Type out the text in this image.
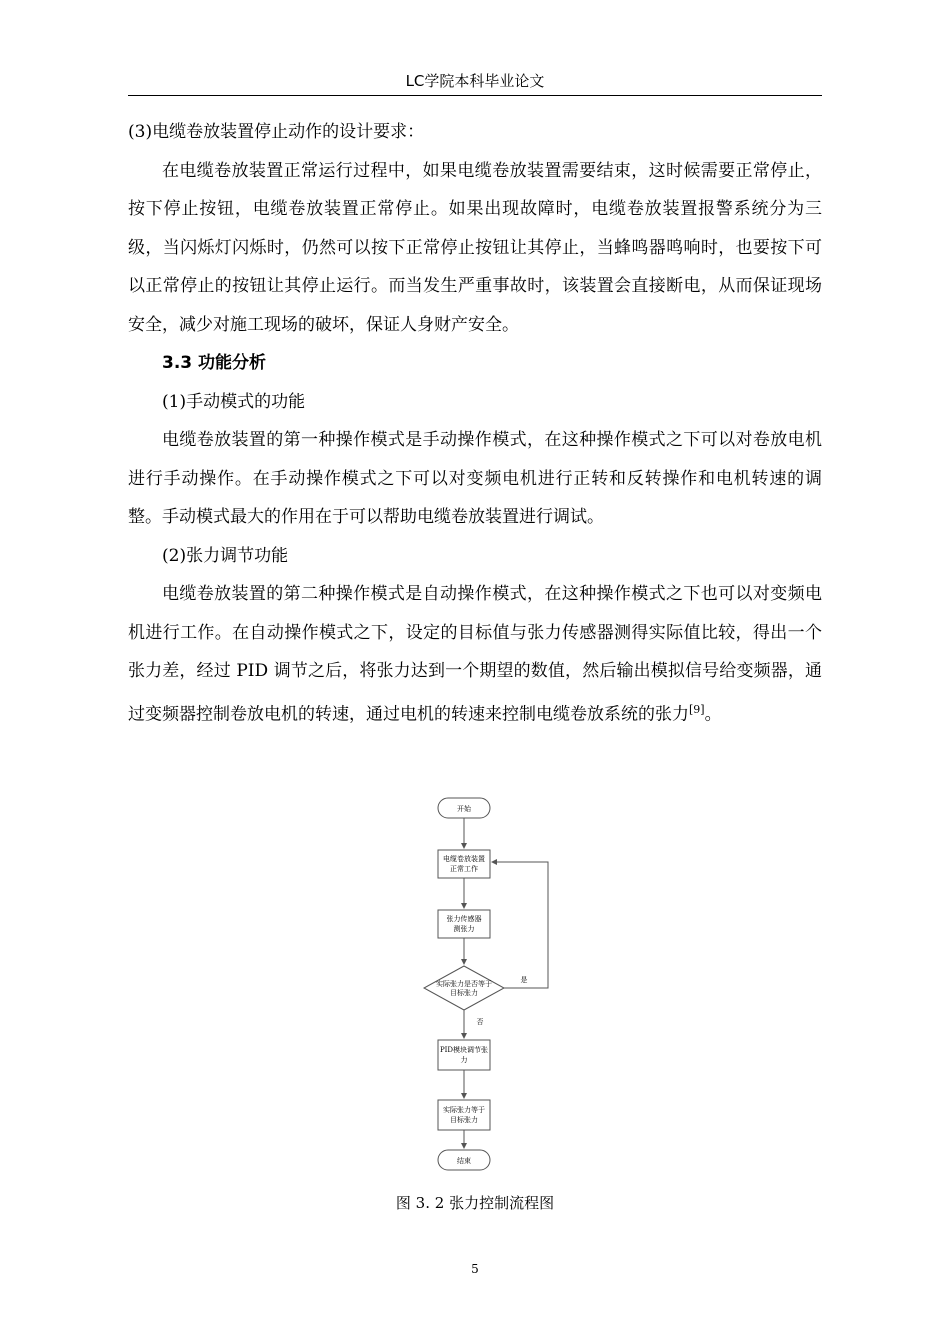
LC学院本科毕业论文

(3)电缆卷放装置停止动作的设计要求：

在电缆卷放装置正常运行过程中，如果电缆卷放装置需要结束，这时候需要正常停止，按下停止按钮，电缆卷放装置正常停止。如果出现故障时，电缆卷放装置报警系统分为三级，当闪烁灯闪烁时，仍然可以按下正常停止按钮让其停止，当蜂鸣器鸣响时，也要按下可以正常停止的按钮让其停止运行。而当发生严重事故时，该装置会直接断电，从而保证现场安全，减少对施工现场的破坏，保证人身财产安全。

3.3 功能分析

(1)手动模式的功能

电缆卷放装置的第一种操作模式是手动操作模式，在这种操作模式之下可以对卷放电机进行手动操作。在手动操作模式之下可以对变频电机进行正转和反转操作和电机转速的调整。手动模式最大的作用在于可以帮助电缆卷放装置进行调试。

(2)张力调节功能

电缆卷放装置的第二种操作模式是自动操作模式，在这种操作模式之下也可以对变频电机进行工作。在自动操作模式之下，设定的目标值与张力传感器测得实际值比较，得出一个张力差，经过 PID 调节之后，将张力达到一个期望的数值，然后输出模拟信号给变频器，通过变频器控制卷放电机的转速，通过电机的转速来控制电缆卷放系统的张力[9]。

开始
电缆卷放装置
正常工作
张力传感器
测张力
实际张力是否等于
目标张力
是
否
PID模块调节张
力
实际张力等于
目标张力
结束
图 3. 2 张力控制流程图
5
